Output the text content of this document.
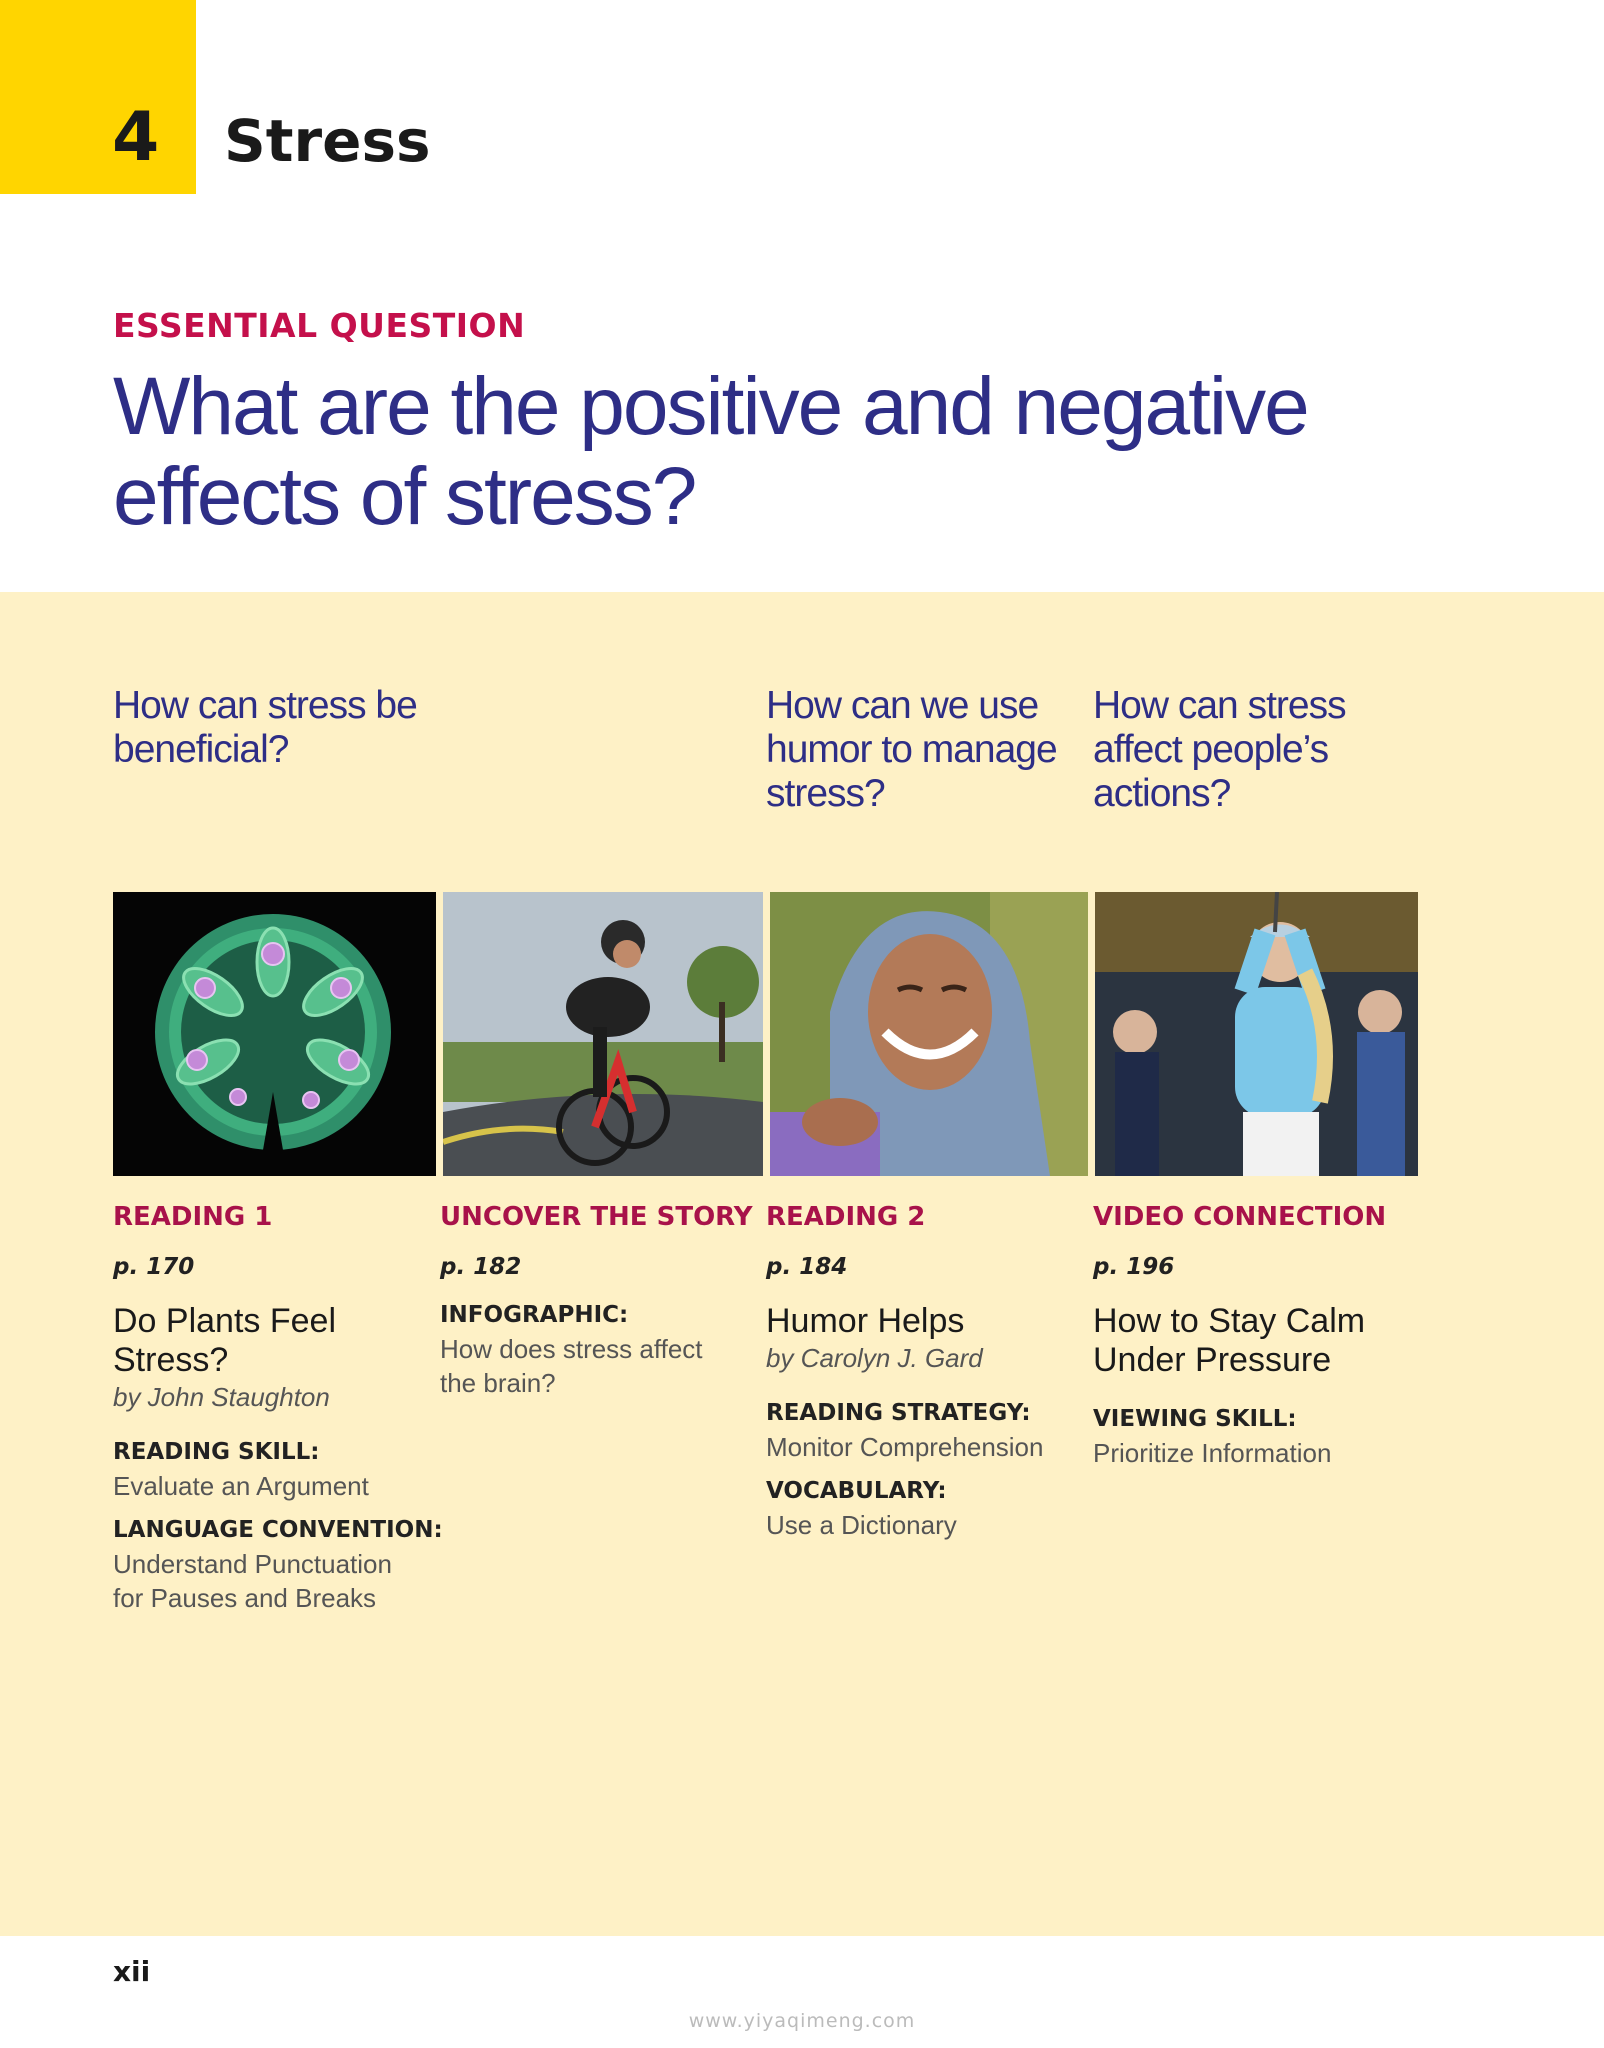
4 Stress
ESSENTIAL QUESTION
What are the positive and negative effects of stress?
How can stress be beneficial?
How can we use humor to manage stress?
How can stress affect people’s actions?
READING 1
p. 170
Do Plants Feel Stress?
by John Staughton
READING SKILL:
Evaluate an Argument
LANGUAGE CONVENTION:
Understand Punctuation for Pauses and Breaks
UNCOVER THE STORY
p. 182
INFOGRAPHIC:
How does stress affect the brain?
READING 2
p. 184
Humor Helps
by Carolyn J. Gard
READING STRATEGY:
Monitor Comprehension
VOCABULARY:
Use a Dictionary
VIDEO CONNECTION
p. 196
How to Stay Calm Under Pressure
VIEWING SKILL:
Prioritize Information
xii
www.yiyaqimeng.com
